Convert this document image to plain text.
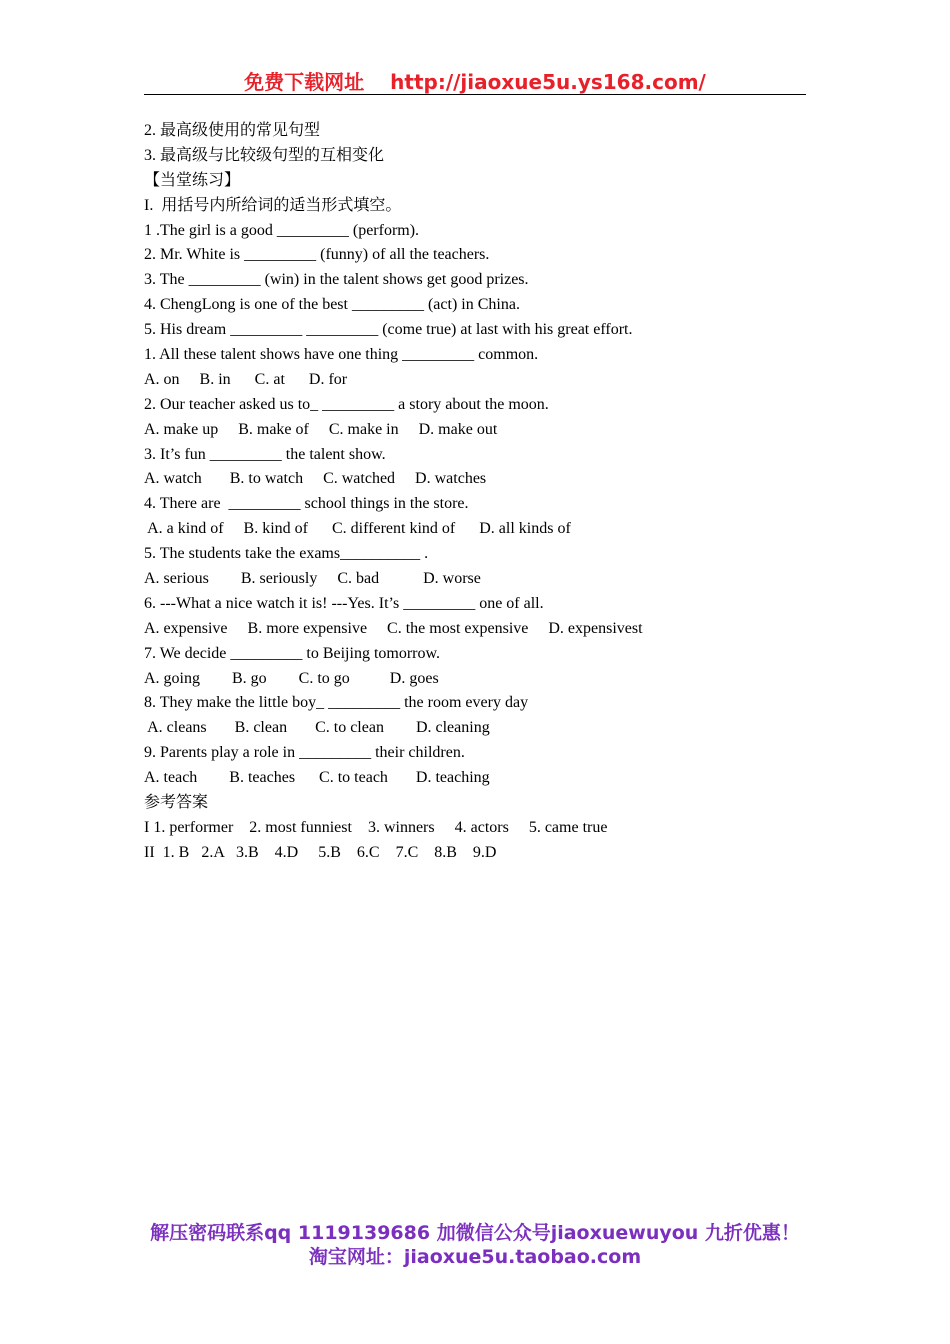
免费下载网址 http://jiaoxue5u.ys168.com/
2. 最高级使用的常见句型
3. 最高级与比较级句型的互相变化
【当堂练习】
I.  用括号内所给词的适当形式填空。
1 .The girl is a good _________ (perform).
2. Mr. White is _________ (funny) of all the teachers.
3. The _________ (win) in the talent shows get good prizes.
4. ChengLong is one of the best _________ (act) in China.
5. His dream _________ _________ (come true) at last with his great effort.
1. All these talent shows have one thing _________ common.
A. on     B. in      C. at      D. for
2. Our teacher asked us to_ _________ a story about the moon.
A. make up     B. make of     C. make in     D. make out
3. It’s fun _________ the talent show.
A. watch       B. to watch     C. watched     D. watches
4. There are  _________ school things in the store.
A. a kind of     B. kind of      C. different kind of      D. all kinds of
5. The students take the exams__________ .
A. serious        B. seriously     C. bad           D. worse
6. ---What a nice watch it is! ---Yes. It’s _________ one of all.
A. expensive     B. more expensive     C. the most expensive     D. expensivest
7. We decide _________ to Beijing tomorrow.
A. going        B. go        C. to go          D. goes
8. They make the little boy_ _________ the room every day
A. cleans       B. clean       C. to clean        D. cleaning
9. Parents play a role in _________ their children.
A. teach        B. teaches      C. to teach       D. teaching
参考答案
I 1. performer    2. most funniest    3. winners     4. actors     5. came true
II  1. B   2.A   3.B    4.D     5.B    6.C    7.C    8.B    9.D
解压密码联系qq 1119139686 加微信公众号jiaoxuewuyou 九折优惠！
淘宝网址：jiaoxue5u.taobao.com
